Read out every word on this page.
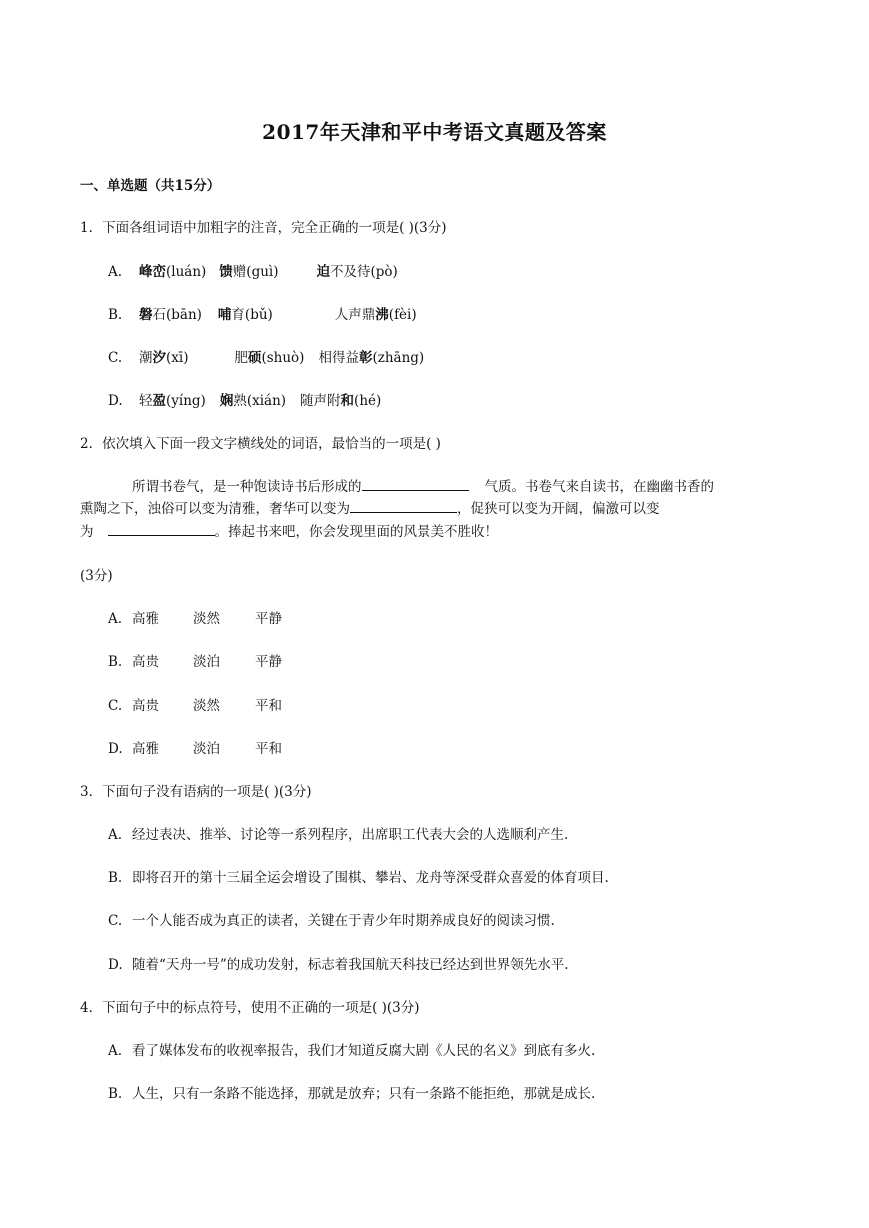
2017年天津和平中考语文真题及答案
一、单选题（共15分）
1．下面各组词语中加粗字的注音，完全正确的一项是( )(3分)
A. 峰峦(luán) 馈赠(guì)	迫不及待(pò)
B. 磐石(bān) 哺育(bǔ)	人声鼎沸(fèi)
C. 潮汐(xī)	肥硕(shuò) 相得益彰(zhāng)
D. 轻盈(yíng) 娴熟(xián) 随声附和(hé)
2．依次填入下面一段文字横线处的词语，最恰当的一项是( )
所谓书卷气，是一种饱读诗书后形成的	气质。书卷气来自读书，在幽幽书香的
熏陶之下，浊俗可以变为清雅，奢华可以变为	，促狭可以变为开阔，偏激可以变
为	。捧起书来吧，你会发现里面的风景美不胜收！
(3分)
A. 高雅	淡然	平静
B. 高贵	淡泊	平静
C. 高贵	淡然	平和
D. 高雅	淡泊	平和
3．下面句子没有语病的一项是( )(3分)
A. 经过表决、推举、讨论等一系列程序，出席职工代表大会的人选顺利产生.
B. 即将召开的第十三届全运会增设了围棋、攀岩、龙舟等深受群众喜爱的体育项目.
C. 一个人能否成为真正的读者，关键在于青少年时期养成良好的阅读习惯.
D. 随着“天舟一号”的成功发射，标志着我国航天科技已经达到世界领先水平.
4．下面句子中的标点符号，使用不正确的一项是( )(3分)
A. 看了媒体发布的收视率报告，我们才知道反腐大剧《人民的名义》到底有多火.
B. 人生，只有一条路不能选择，那就是放弃；只有一条路不能拒绝，那就是成长.
